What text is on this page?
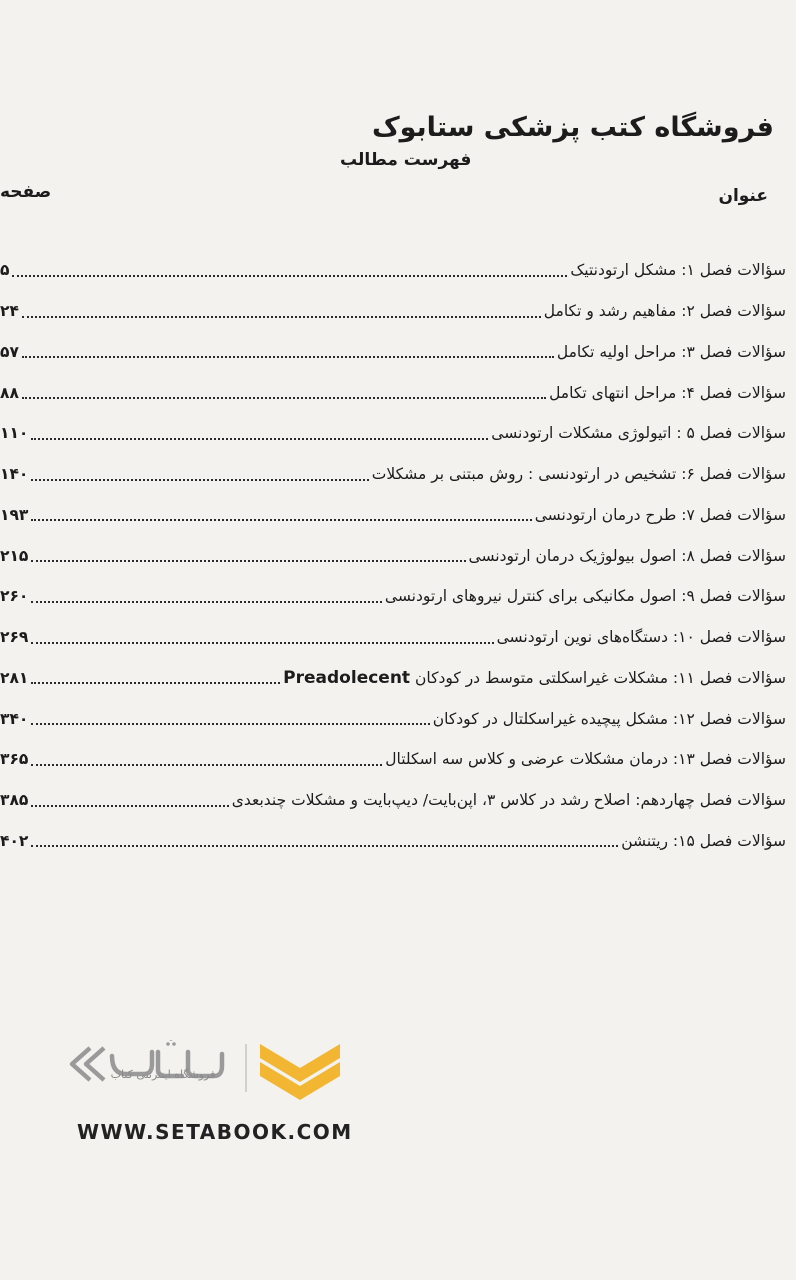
فروشگاه کتب پزشکی ستابوک
فهرست مطالب
عنوان
صفحه
سؤالات فصل ۱: مشکل ارتودنتیک
۵
سؤالات فصل ۲: مفاهیم رشد و تکامل
۲۴
سؤالات فصل ۳: مراحل اولیه تکامل
۵۷
سؤالات فصل ۴: مراحل انتهای تکامل
۸۸
سؤالات فصل ۵ : اتیولوژی مشکلات ارتودنسی
۱۱۰
سؤالات فصل ۶: تشخیص در ارتودنسی : روش مبتنی بر مشکلات
۱۴۰
سؤالات فصل ۷: طرح درمان ارتودنسی
۱۹۳
سؤالات فصل ۸: اصول بیولوژیک درمان ارتودنسی
۲۱۵
سؤالات فصل ۹: اصول مکانیکی برای کنترل نیروهای ارتودنسی
۲۶۰
سؤالات فصل ۱۰: دستگاه‌های نوین ارتودنسی
۲۶۹
سؤالات فصل ۱۱: مشکلات غیراسکلتی متوسط در کودکان Preadolecent
۲۸۱
سؤالات فصل ۱۲: مشکل پیچیده غیراسکلتال در کودکان
۳۴۰
سؤالات فصل ۱۳: درمان مشکلات عرضی و کلاس سه اسکلتال
۳۶۵
سؤالات فصل چهاردهم: اصلاح رشد در کلاس ۳، اپن‌بایت/ دیپ‌بایت و مشکلات چندبعدی
۳۸۵
سؤالات فصل ۱۵: ریتنشن
۴۰۲
فروشگاه اینترنتی کتاب
WWW.SETABOOK.COM
